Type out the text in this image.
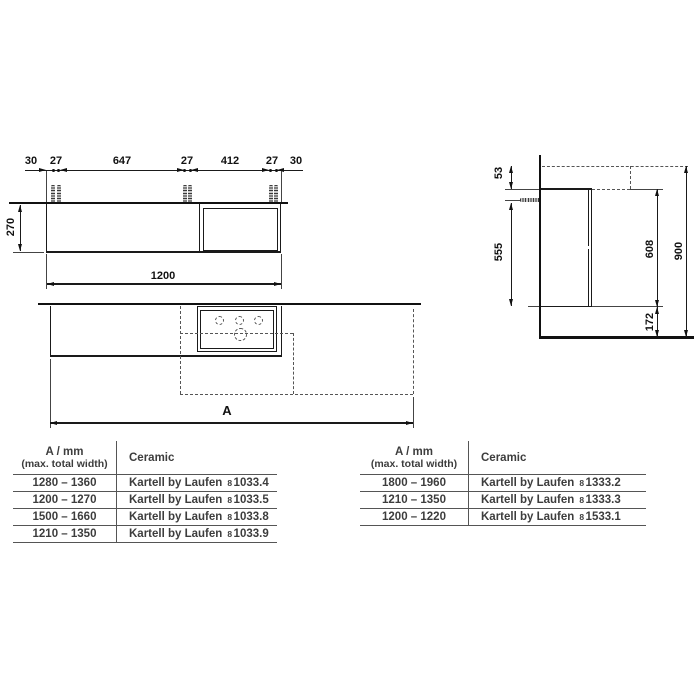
30	27	647	27	412	27	30
270
1200
A
53
555	608
172
900
A / mm
(max. total width)	Ceramic
1280 – 1360	Kartell by Laufen 8 1033.4
1200 – 1270	Kartell by Laufen 8 1033.5
1500 – 1660	Kartell by Laufen 8 1033.8
1210 – 1350	Kartell by Laufen 8 1033.9
A / mm
(max. total width)	Ceramic
1800 – 1960	Kartell by Laufen 8 1333.2
1210 – 1350	Kartell by Laufen 8 1333.3
1200 – 1220	Kartell by Laufen 8 1533.1
